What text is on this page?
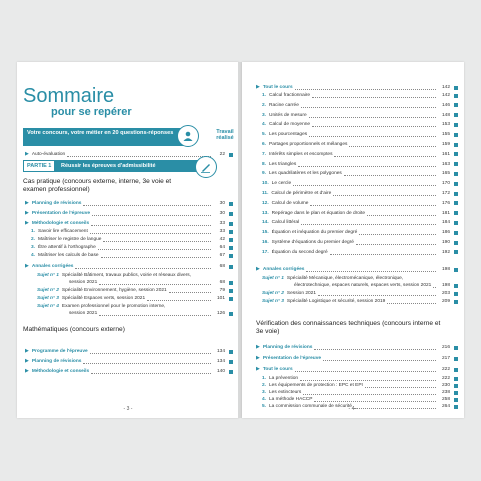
Sommaire
pour se repérer
Votre concours, votre métier en 20 questions-réponses	Travail réalisé
▶ Auto-évaluation	22
PARTIE 1	Réussir les épreuves d'admissibilité
Cas pratique (concours externe, interne, 3e voie et examen professionnel)
▶ Planning de révisions	30
▶ Présentation de l'épreuve	30
▶ Méthodologie et conseils	33
1. Savoir lire efficacement	33
2. Maîtriser le registre de langue	42
3. Être attentif à l'orthographe	64
4. Maîtriser les calculs de base	67
▶ Annales corrigées	68
Sujet n° 1 Spécialité Bâtiment, travaux publics, voirie et réseaux divers,
session 2021	68
Sujet n° 2 Spécialité Environnement, hygiène, session 2021	79
Sujet n° 3 Spécialité Espaces verts, session 2021	101
Sujet n° 4 Examen professionnel pour le promotion interne,
session 2021	126
Mathématiques (concours externe)
▶ Programme de l'épreuve	134
▶ Planning de révisions	134
▶ Méthodologie et conseils	140
- 3 -
▶ Tout le cours	142
1. Calcul fractionnaire	142
2. Racine carrée	146
3. Unités de mesure	148
4. Calcul de moyenne	153
5. Les pourcentages	155
6. Partages proportionnels et mélanges	159
7. Intérêts simples et escomptes	161
8. Les triangles	163
9. Les quadrilatères et les polygones	165
10. Le cercle	170
11. Calcul de périmètre et d'aire	172
12. Calcul de volume	176
13. Repérage dans le plan et équation de droite	181
14. Calcul littéral	184
15. Équation et inéquation du premier degré	186
16. Système d'équations du premier degré	190
17. Équation du second degré	192
▶ Annales corrigées	198
Sujet n° 1 Spécialité Mécanique, électromécanique, électronique,
électrotechnique, espaces naturels, espaces verts, session 2021	198
Sujet n° 2 Session 2021	203
Sujet n° 3 Spécialité Logistique et sécurité, session 2019	209
Vérification des connaissances techniques (concours interne et 3e voie)
▶ Planning de révisions	216
▶ Présentation de l'épreuve	217
▶ Tout le cours	222
1. La prévention	222
2. Les équipements de protection : EPC et EPI	230
3. Les extincteurs	238
4. La méthode HACCP	258
5. La commission communale de sécurité	264
- 4 -
